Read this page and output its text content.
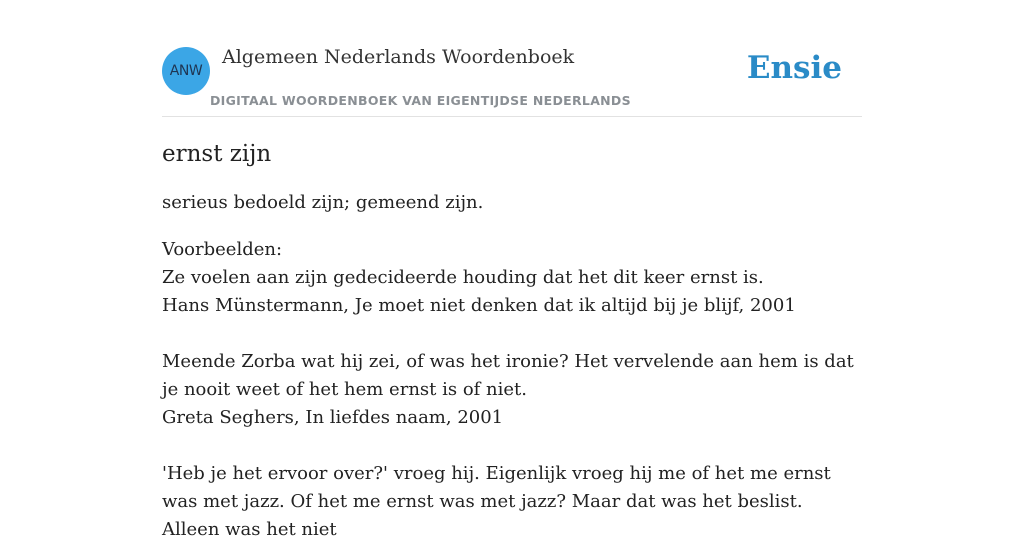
ANW
Algemeen Nederlands Woordenboek
DIGITAAL WOORDENBOEK VAN EIGENTIJDSE NEDERLANDS
Ensie
ernst zijn

serieus bedoeld zijn; gemeend zijn.

Voorbeelden:
Ze voelen aan zijn gedecideerde houding dat het dit keer ernst is.
Hans Münstermann, Je moet niet denken dat ik altijd bij je blijf, 2001
Meende Zorba wat hij zei, of was het ironie? Het vervelende aan hem is dat je nooit weet of het hem ernst is of niet.
Greta Seghers, In liefdes naam, 2001
'Heb je het ervoor over?' vroeg hij. Eigenlijk vroeg hij me of het me ernst was met jazz. Of het me ernst was met jazz? Maar dat was het beslist. Alleen was het niet
